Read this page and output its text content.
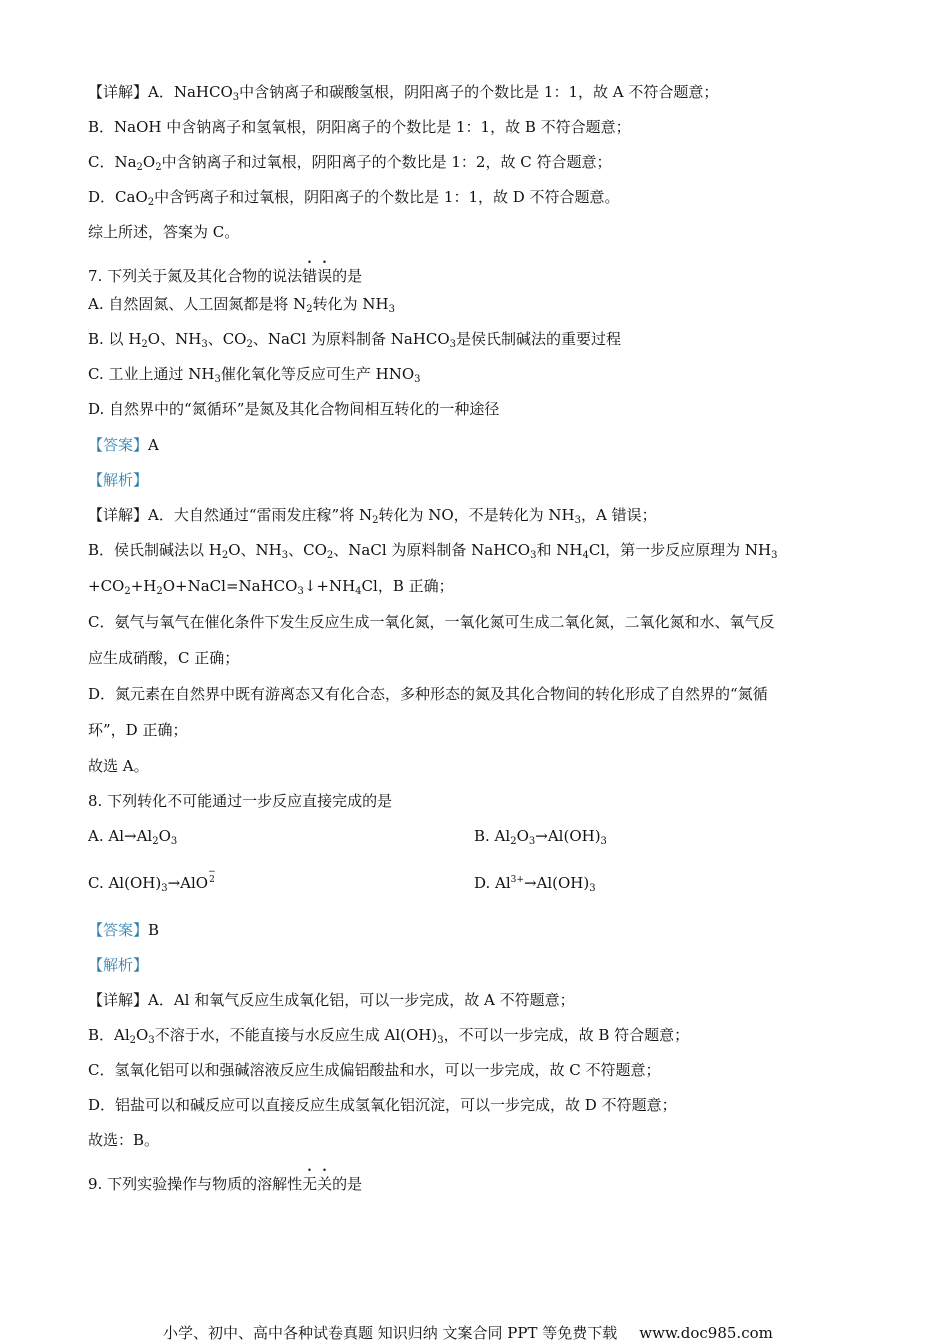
【详解】A．NaHCO$_3$中含钠离子和碳酸氢根，阴阳离子的个数比是 1：1，故 A 不符合题意；
B．NaOH 中含钠离子和氢氧根，阴阳离子的个数比是 1：1，故 B 不符合题意；
C．$Na_2O_2$中含钠离子和过氧根，阴阳离子的个数比是 1：2，故 C 符合题意；
D．CaO$_2$中含钙离子和过氧根，阴阳离子的个数比是 1：1，故 D 不符合题意。
综上所述，答案为 C。
7. 下列关于氮及其化合物的说法错误的是
A. 自然固氮、人工固氮都是将 $N_2$转化为 $NH_3$
B. 以 $H_2O$、$NH_3$、$CO_2$、NaCl 为原料制备 NaHCO$_3$是侯氏制碱法的重要过程
C. 工业上通过 $NH_3$催化氧化等反应可生产 $HNO_3$
D. 自然界中的“氮循环”是氮及其化合物间相互转化的一种途径
【答案】A
【解析】
【详解】A．大自然通过“雷雨发庄稼”将 $N_2$转化为 NO，不是转化为 $NH_3$，A 错误；
B．侯氏制碱法以 $H_2O$、$NH_3$、$CO_2$、NaCl 为原料制备 NaHCO$_3$和 $NH_4Cl$，第一步反应原理为 $NH_3$
$+CO_2+H_2O+NaCl=NaHCO_3↓+NH_4Cl$，B 正确；
C．氨气与氧气在催化条件下发生反应生成一氧化氮，一氧化氮可生成二氧化氮，二氧化氮和水、氧气反
应生成硝酸，C 正确；
D．氮元素在自然界中既有游离态又有化合态，多种形态的氮及其化合物间的转化形成了自然界的“氮循
环”，D 正确；
故选 A。
8. 下列转化不可能通过一步反应直接完成的是
A. $Al\to Al_2O_3$	B. $Al_2O_3\to Al(OH)_3$
C. $Al(OH)_3\to AlO$
−
2	D. $Al^{3+}\to Al(OH)_3$
【答案】B
【解析】
【详解】A．Al 和氧气反应生成氧化铝，可以一步完成，故 A 不符题意；
B．$Al_2O_3$不溶于水，不能直接与水反应生成 $Al(OH)_3$，不可以一步完成，故 B 符合题意；
C．氢氧化铝可以和强碱溶液反应生成偏铝酸盐和水，可以一步完成，故 C 不符题意；
D．铝盐可以和碱反应可以直接反应生成氢氧化铝沉淀，可以一步完成，故 D 不符题意；
故选：B。
9. 下列实验操作与物质的溶解性无关的是
小学、初中、高中各种试卷真题 知识归纳 文案合同 PPT 等免费下载 www.doc985.com
